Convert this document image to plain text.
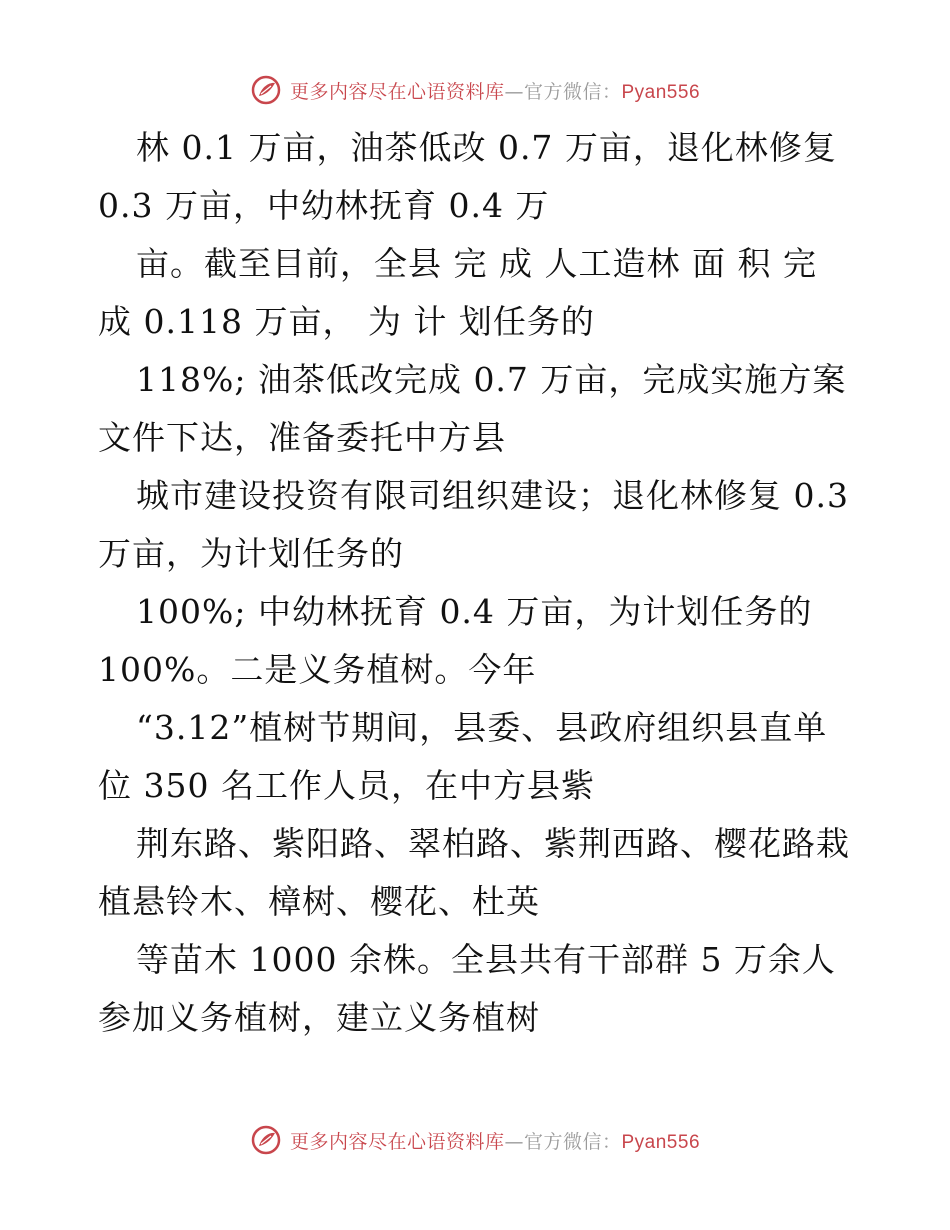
更多内容尽在心语资料库—官方微信：Pyan556
林 0.1 万亩，油茶低改 0.7 万亩，退化林修复
0.3 万亩，中幼林抚育 0.4 万
亩。截至目前，全县 完 成 人工造林 面 积 完
成 0.118 万亩， 为 计 划任务的
118%; 油茶低改完成 0.7 万亩，完成实施方案
文件下达，准备委托中方县
城市建设投资有限司组织建设；退化林修复 0.3
万亩，为计划任务的
100%; 中幼林抚育 0.4 万亩，为计划任务的
100%。二是义务植树。今年
“3.12”植树节期间，县委、县政府组织县直单
位 350 名工作人员，在中方县紫
荆东路、紫阳路、翠柏路、紫荆西路、樱花路栽
植悬铃木、樟树、樱花、杜英
等苗木 1000 余株。全县共有干部群 5 万余人
参加义务植树，建立义务植树
更多内容尽在心语资料库—官方微信：Pyan556
